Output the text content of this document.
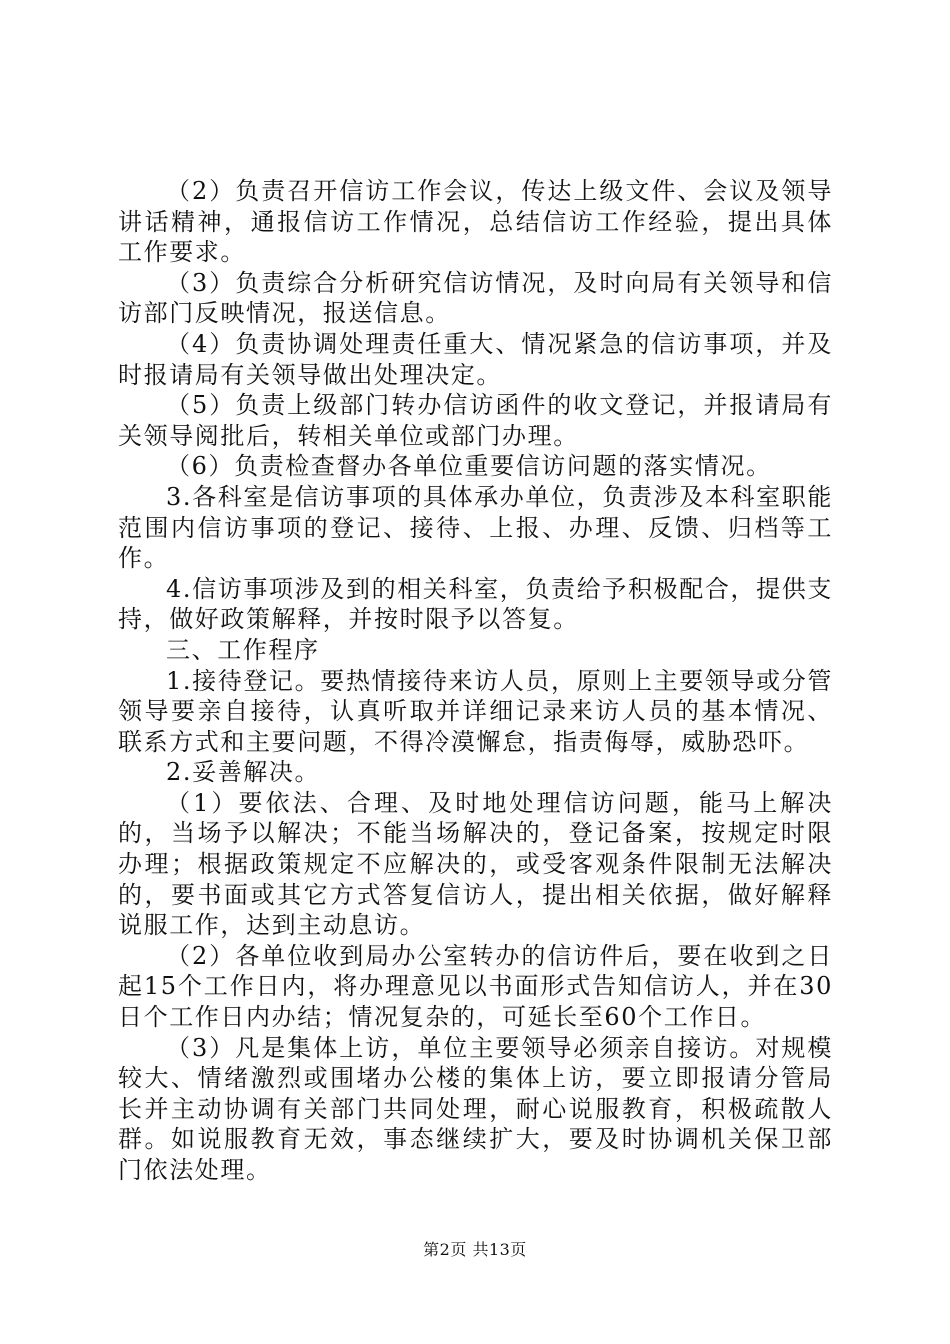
（2）负责召开信访工作会议，传达上级文件、会议及领导讲话精神，通报信访工作情况，总结信访工作经验，提出具体工作要求。

（3）负责综合分析研究信访情况，及时向局有关领导和信访部门反映情况，报送信息。

（4）负责协调处理责任重大、情况紧急的信访事项，并及时报请局有关领导做出处理决定。

（5）负责上级部门转办信访函件的收文登记，并报请局有关领导阅批后，转相关单位或部门办理。

（6）负责检查督办各单位重要信访问题的落实情况。

3.各科室是信访事项的具体承办单位，负责涉及本科室职能范围内信访事项的登记、接待、上报、办理、反馈、归档等工作。

4.信访事项涉及到的相关科室，负责给予积极配合，提供支持，做好政策解释，并按时限予以答复。

三、工作程序

1.接待登记。要热情接待来访人员，原则上主要领导或分管领导要亲自接待，认真听取并详细记录来访人员的基本情况、联系方式和主要问题，不得冷漠懈怠，指责侮辱，威胁恐吓。

2.妥善解决。

（1）要依法、合理、及时地处理信访问题，能马上解决的，当场予以解决；不能当场解决的，登记备案，按规定时限办理；根据政策规定不应解决的，或受客观条件限制无法解决的，要书面或其它方式答复信访人，提出相关依据，做好解释说服工作，达到主动息访。

（2）各单位收到局办公室转办的信访件后，要在收到之日起15个工作日内，将办理意见以书面形式告知信访人，并在30日个工作日内办结；情况复杂的，可延长至60个工作日。

（3）凡是集体上访，单位主要领导必须亲自接访。对规模较大、情绪激烈或围堵办公楼的集体上访，要立即报请分管局长并主动协调有关部门共同处理，耐心说服教育，积极疏散人群。如说服教育无效，事态继续扩大，要及时协调机关保卫部门依法处理。

第2页 共13页
